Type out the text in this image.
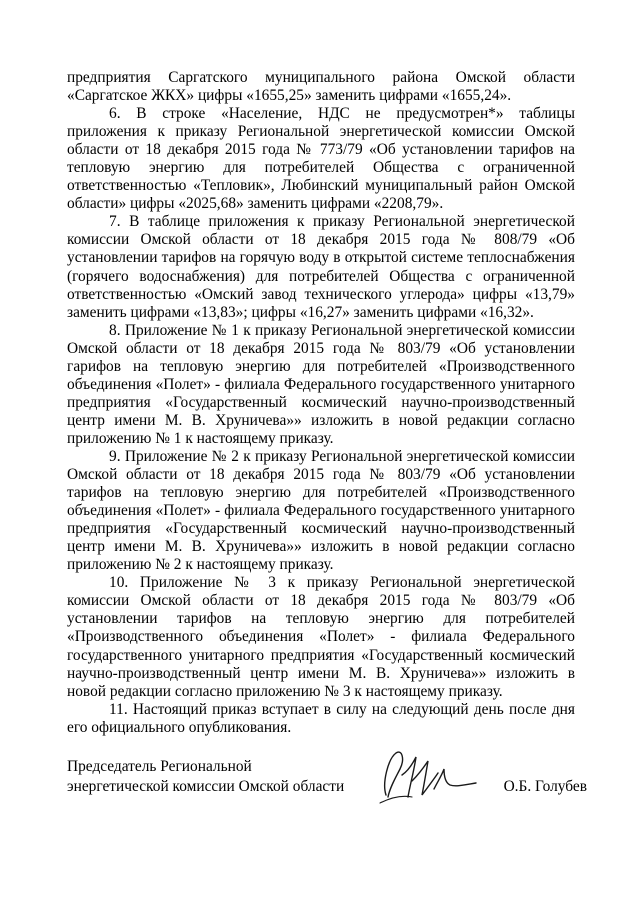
предприятия Саргатского муниципального района Омской области «Саргатское ЖКХ» цифры «1655,25» заменить цифрами «1655,24».

6. В строке «Население, НДС не предусмотрен*» таблицы приложения к приказу Региональной энергетической комиссии Омской области от 18 декабря 2015 года № 773/79 «Об установлении тарифов на тепловую энергию для потребителей Общества с ограниченной ответственностью «Тепловик», Любинский муниципальный район Омской области» цифры «2025,68» заменить цифрами «2208,79».

7. В таблице приложения к приказу Региональной энергетической комиссии Омской области от 18 декабря 2015 года № 808/79 «Об установлении тарифов на горячую воду в открытой системе теплоснабжения (горячего водоснабжения) для потребителей Общества с ограниченной ответственностью «Омский завод технического углерода» цифры «13,79» заменить цифрами «13,83»; цифры «16,27» заменить цифрами «16,32».

8. Приложение № 1 к приказу Региональной энергетической комиссии Омской области от 18 декабря 2015 года № 803/79 «Об установлении гарифов на тепловую энергию для потребителей «Производственного объединения «Полет» - филиала Федерального государственного унитарного предприятия «Государственный космический научно-производственный центр имени М. В. Хруничева»» изложить в новой редакции согласно приложению № 1 к настоящему приказу.

9. Приложение № 2 к приказу Региональной энергетической комиссии Омской области от 18 декабря 2015 года № 803/79 «Об установлении тарифов на тепловую энергию для потребителей «Производственного объединения «Полет» - филиала Федерального государственного унитарного предприятия «Государственный космический научно-производственный центр имени М. В. Хруничева»» изложить в новой редакции согласно приложению № 2 к настоящему приказу.

10. Приложение № 3 к приказу Региональной энергетической комиссии Омской области от 18 декабря 2015 года № 803/79 «Об установлении тарифов на тепловую энергию для потребителей «Производственного объединения «Полет» - филиала Федерального государственного унитарного предприятия «Государственный космический научно-производственный центр имени М. В. Хруничева»» изложить в новой редакции согласно приложению № 3 к настоящему приказу.

11. Настоящий приказ вступает в силу на следующий день после дня его официального опубликования.

Председатель Региональной
энергетической комиссии Омской области	О.Б. Голубев
